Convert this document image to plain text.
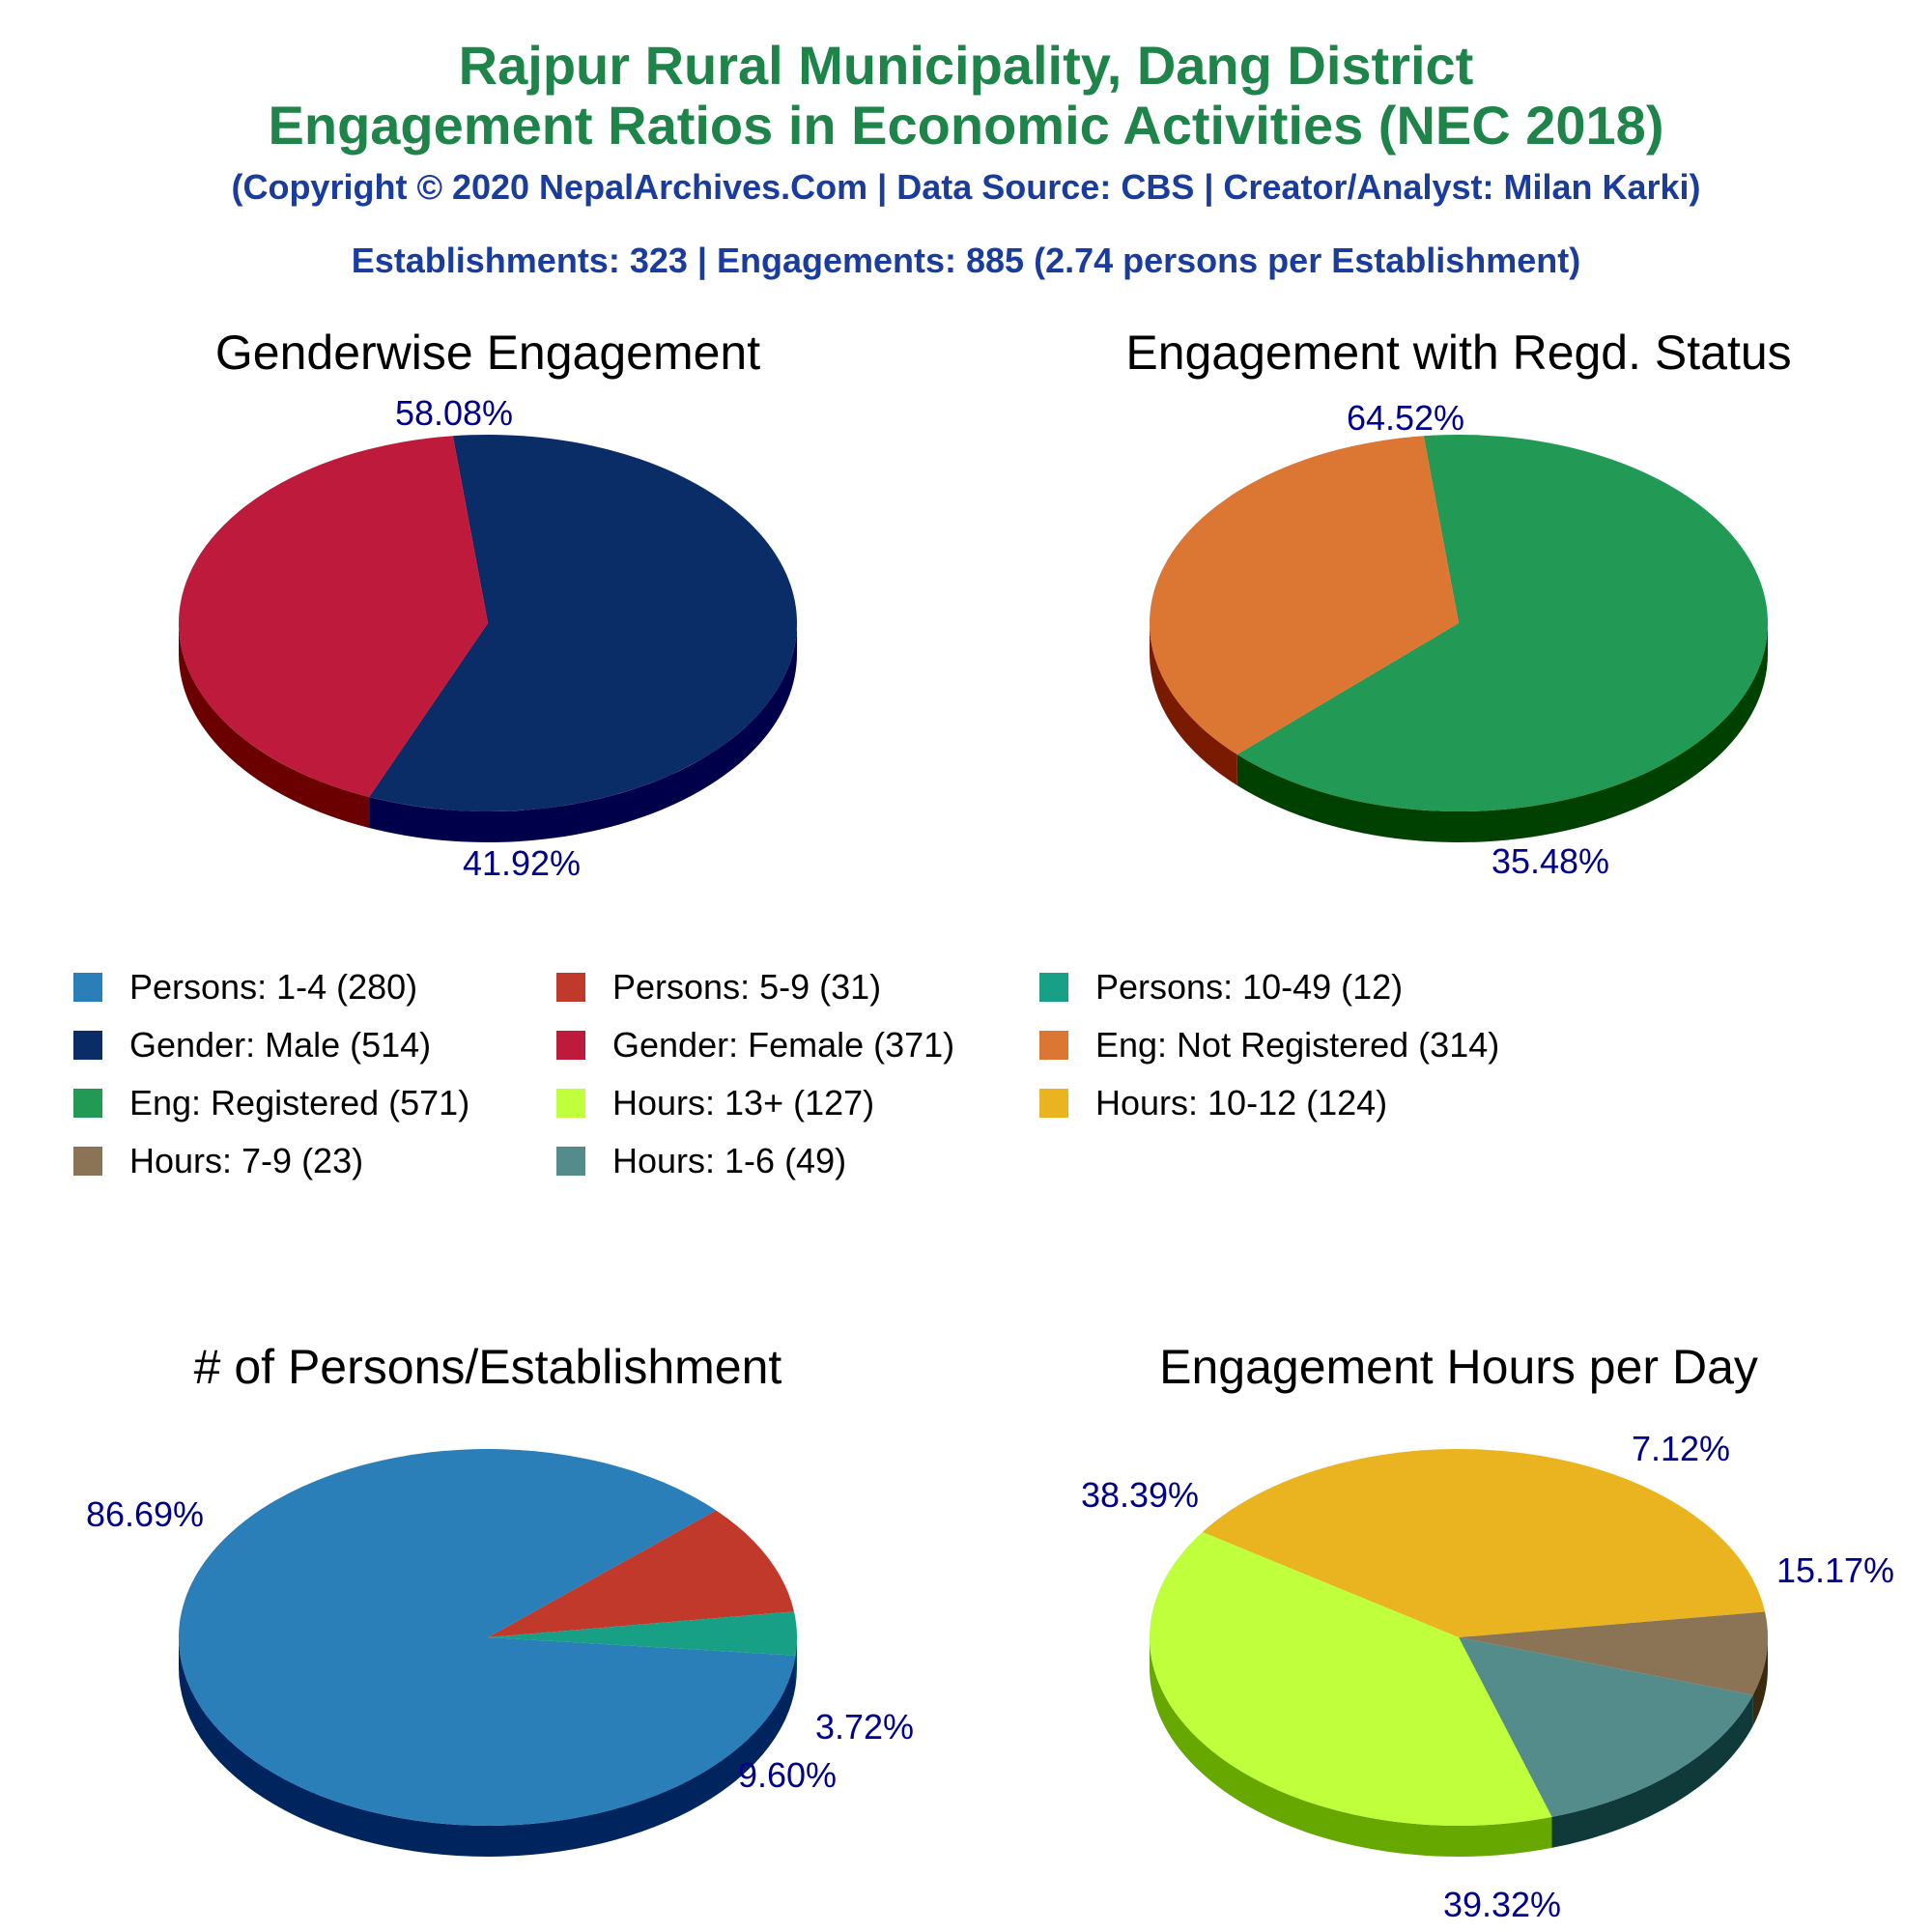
Rajpur Rural Municipality, Dang District
Engagement Ratios in Economic Activities (NEC 2018)
(Copyright © 2020 NepalArchives.Com | Data Source: CBS | Creator/Analyst: Milan Karki)
Establishments: 323 | Engagements: 885 (2.74 persons per Establishment)
Genderwise Engagement
58.08%
41.92%
Engagement with Regd. Status
64.52%
35.48%
# of Persons/Establishment
86.69%
9.60%
3.72%
Engagement Hours per Day
38.39%
7.12%
15.17%
39.32%
Persons: 1-4 (280)	Persons: 5-9 (31)	Persons: 10-49 (12)
Gender: Male (514)	Gender: Female (371)	Eng: Not Registered (314)
Eng: Registered (571)	Hours: 13+ (127)	Hours: 10-12 (124)
Hours: 7-9 (23)	Hours: 1-6 (49)
